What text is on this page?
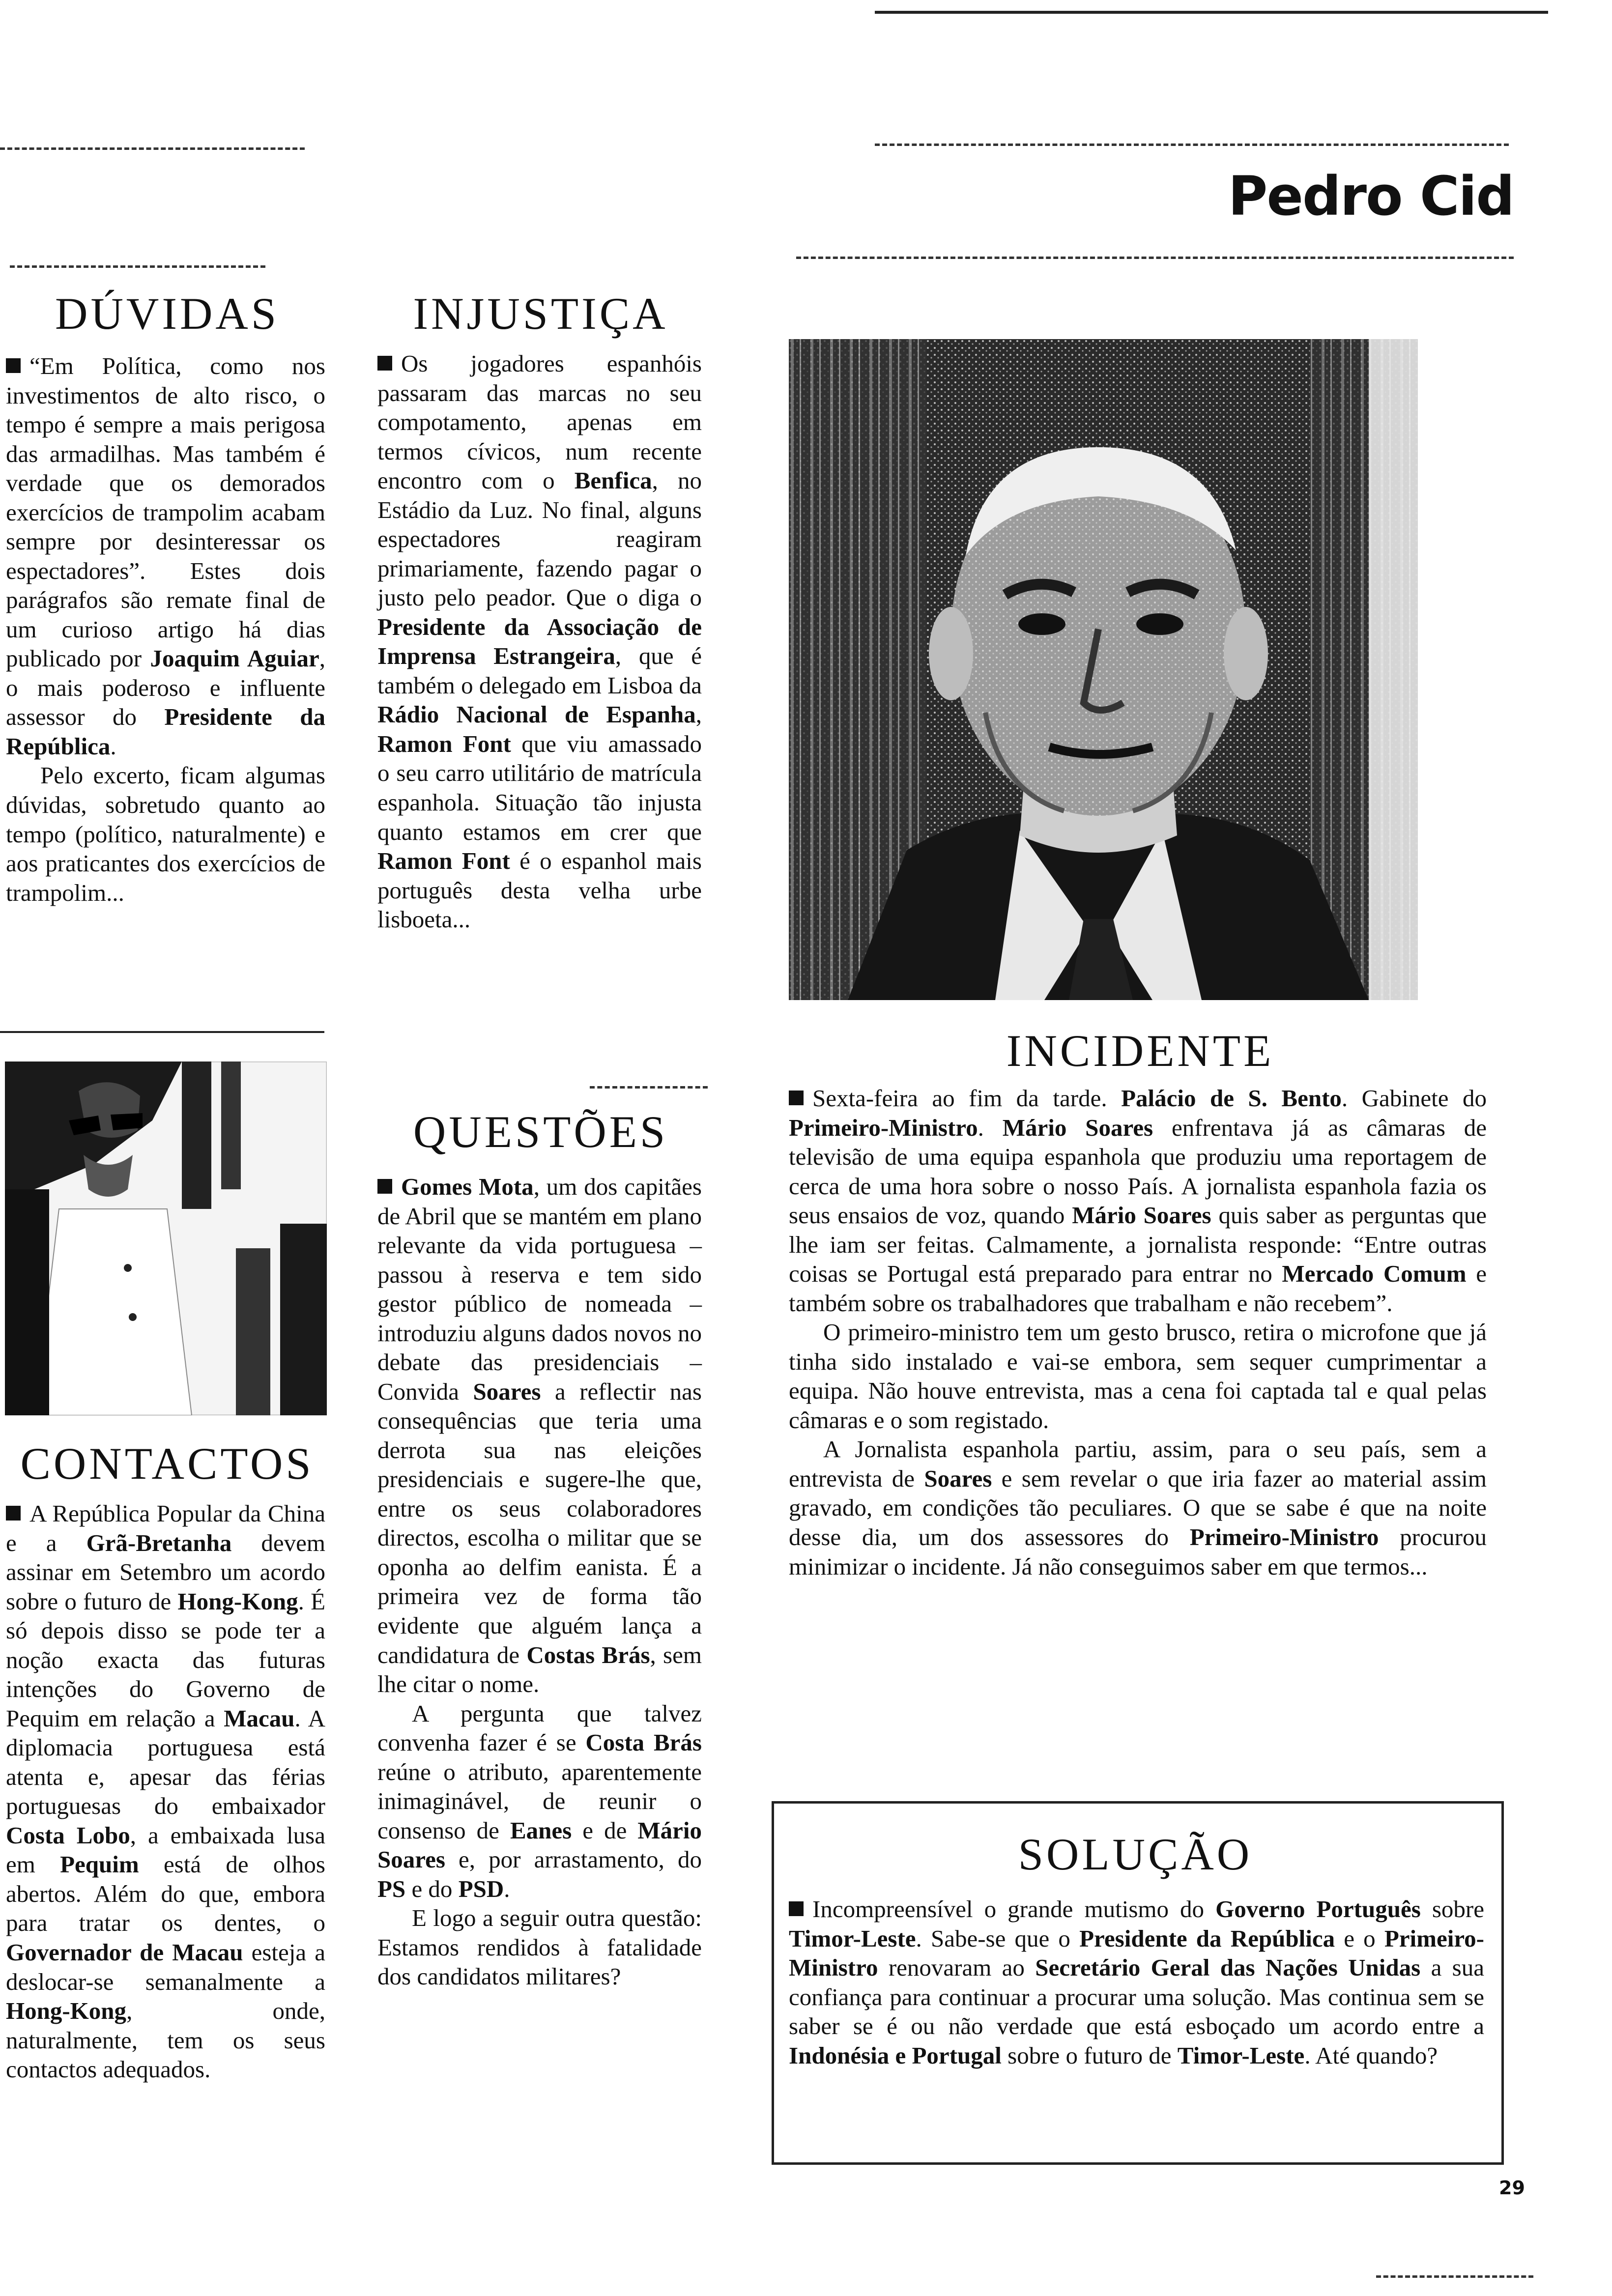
Pedro Cid
DÚVIDAS

“Em Política, como nos investimentos de alto risco, o tempo é sempre a mais perigosa das armadilhas. Mas também é verdade que os demorados exercícios de trampolim acabam sempre por desinteressar os espectadores”. Estes dois parágrafos são remate final de um curioso artigo há dias publicado por Joaquim Aguiar, o mais poderoso e influente assessor do Presidente da República.

Pelo excerto, ficam algumas dúvidas, sobretudo quanto ao tempo (político, naturalmente) e aos praticantes dos exercícios de trampolim...

CONTACTOS

A República Popular da China e a Grã-Bretanha devem assinar em Setembro um acordo sobre o futuro de Hong-Kong. É só depois disso se pode ter a noção exacta das futuras intenções do Governo de Pequim em relação a Macau. A diplomacia portuguesa está atenta e, apesar das férias portuguesas do embaixador Costa Lobo, a embaixada lusa em Pequim está de olhos abertos. Além do que, embora para tratar os dentes, o Governador de Macau esteja a deslocar-se semanalmente a Hong-Kong, onde, naturalmente, tem os seus contactos adequados.

INJUSTIÇA

Os jogadores espanhóis passaram das marcas no seu compotamento, apenas em termos cívicos, num recente encontro com o Benfica, no Estádio da Luz. No final, alguns espectadores reagiram primariamente, fazendo pagar o justo pelo peador. Que o diga o Presidente da Associação de Imprensa Estrangeira, que é também o delegado em Lisboa da Rádio Nacional de Espanha, Ramon Font que viu amassado o seu carro utilitário de matrícula espanhola. Situação tão injusta quanto estamos em crer que Ramon Font é o espanhol mais português desta velha urbe lisboeta...

QUESTÕES

Gomes Mota, um dos capitães de Abril que se mantém em plano relevante da vida portuguesa – passou à reserva e tem sido gestor público de nomeada – introduziu alguns dados novos no debate das presidenciais – Convida Soares a reflectir nas consequências que teria uma derrota sua nas eleições presidenciais e sugere-lhe que, entre os seus colaboradores directos, escolha o militar que se oponha ao delfim eanista. É a primeira vez de forma tão evidente que alguém lança a candidatura de Costas Brás, sem lhe citar o nome.

A pergunta que talvez convenha fazer é se Costa Brás reúne o atributo, aparentemente inimaginável, de reunir o consenso de Eanes e de Mário Soares e, por arrastamento, do PS e do PSD.

E logo a seguir outra questão: Estamos rendidos à fatalidade dos candidatos militares?

INCIDENTE

Sexta-feira ao fim da tarde. Palácio de S. Bento. Gabinete do Primeiro-Ministro. Mário Soares enfrentava já as câmaras de televisão de uma equipa espanhola que produziu uma reportagem de cerca de uma hora sobre o nosso País. A jornalista espanhola fazia os seus ensaios de voz, quando Mário Soares quis saber as perguntas que lhe iam ser feitas. Calmamente, a jornalista responde: “Entre outras coisas se Portugal está preparado para entrar no Mercado Comum e também sobre os trabalhadores que trabalham e não recebem”.

O primeiro-ministro tem um gesto brusco, retira o microfone que já tinha sido instalado e vai-se embora, sem sequer cumprimentar a equipa. Não houve entrevista, mas a cena foi captada tal e qual pelas câmaras e o som registado.

A Jornalista espanhola partiu, assim, para o seu país, sem a entrevista de Soares e sem revelar o que iria fazer ao material assim gravado, em condições tão peculiares. O que se sabe é que na noite desse dia, um dos assessores do Primeiro-Ministro procurou minimizar o incidente. Já não conseguimos saber em que termos...

SOLUÇÃO

Incompreensível o grande mutismo do Governo Português sobre Timor-Leste. Sabe-se que o Presidente da República e o Primeiro-Ministro renovaram ao Secretário Geral das Nações Unidas a sua confiança para continuar a procurar uma solução. Mas continua sem se saber se é ou não verdade que está esboçado um acordo entre a Indonésia e Portugal sobre o futuro de Timor-Leste. Até quando?

29
